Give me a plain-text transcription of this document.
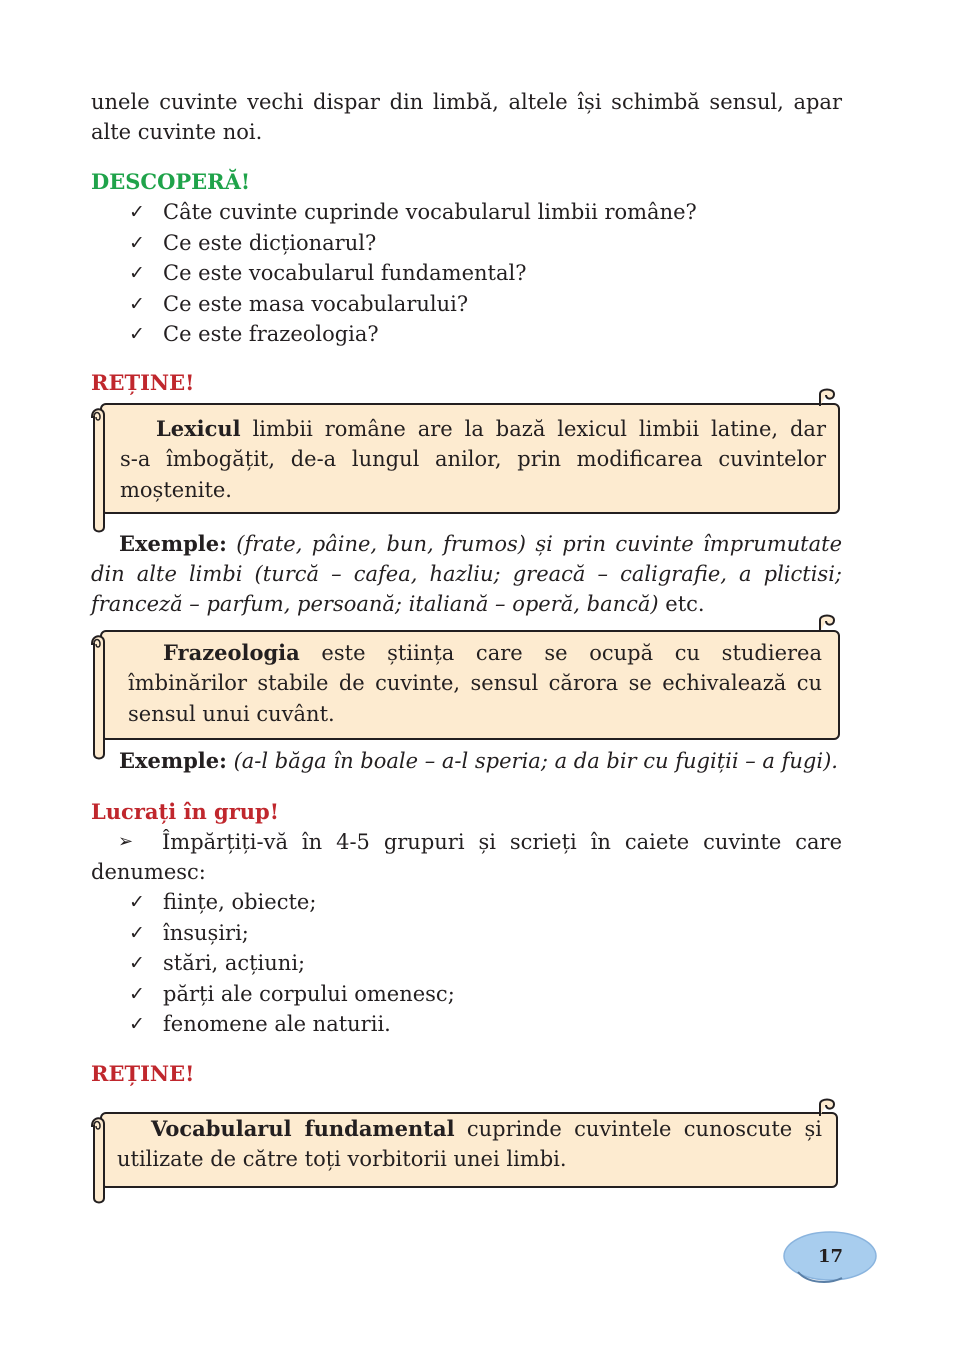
unele cuvinte vechi dispar din limbă, altele își schimbă sensul, apar
alte cuvinte noi.
DESCOPERĂ!
✓ Câte cuvinte cuprinde vocabularul limbii române?
✓ Ce este dicționarul?
✓ Ce este vocabularul fundamental?
✓ Ce este masa vocabularului?
✓ Ce este frazeologia?
REȚINE!
Lexicul limbii române are la bază lexicul limbii latine, dar
s-a îmbogățit, de-a lungul anilor, prin modificarea cuvintelor
moștenite.
Exemple: (frate, pâine, bun, frumos) și prin cuvinte împrumutate
din alte limbi (turcă – cafea, hazliu; greacă – caligrafie, a plictisi;
franceză – parfum, persoană; italiană – operă, bancă) etc.
Frazeologia este știința care se ocupă cu studierea
îmbinărilor stabile de cuvinte, sensul cărora se echivalează cu
sensul unui cuvânt.
Exemple: (a-l băga în boale – a-l speria; a da bir cu fugiții – a fugi).
Lucrați în grup!
➢ Împărțiți-vă în 4-5 grupuri și scrieți în caiete cuvinte care
denumesc:
✓ ființe, obiecte;
✓ însușiri;
✓ stări, acțiuni;
✓ părți ale corpului omenesc;
✓ fenomene ale naturii.
REȚINE!
Vocabularul fundamental cuprinde cuvintele cunoscute și
utilizate de către toți vorbitorii unei limbi.
17
